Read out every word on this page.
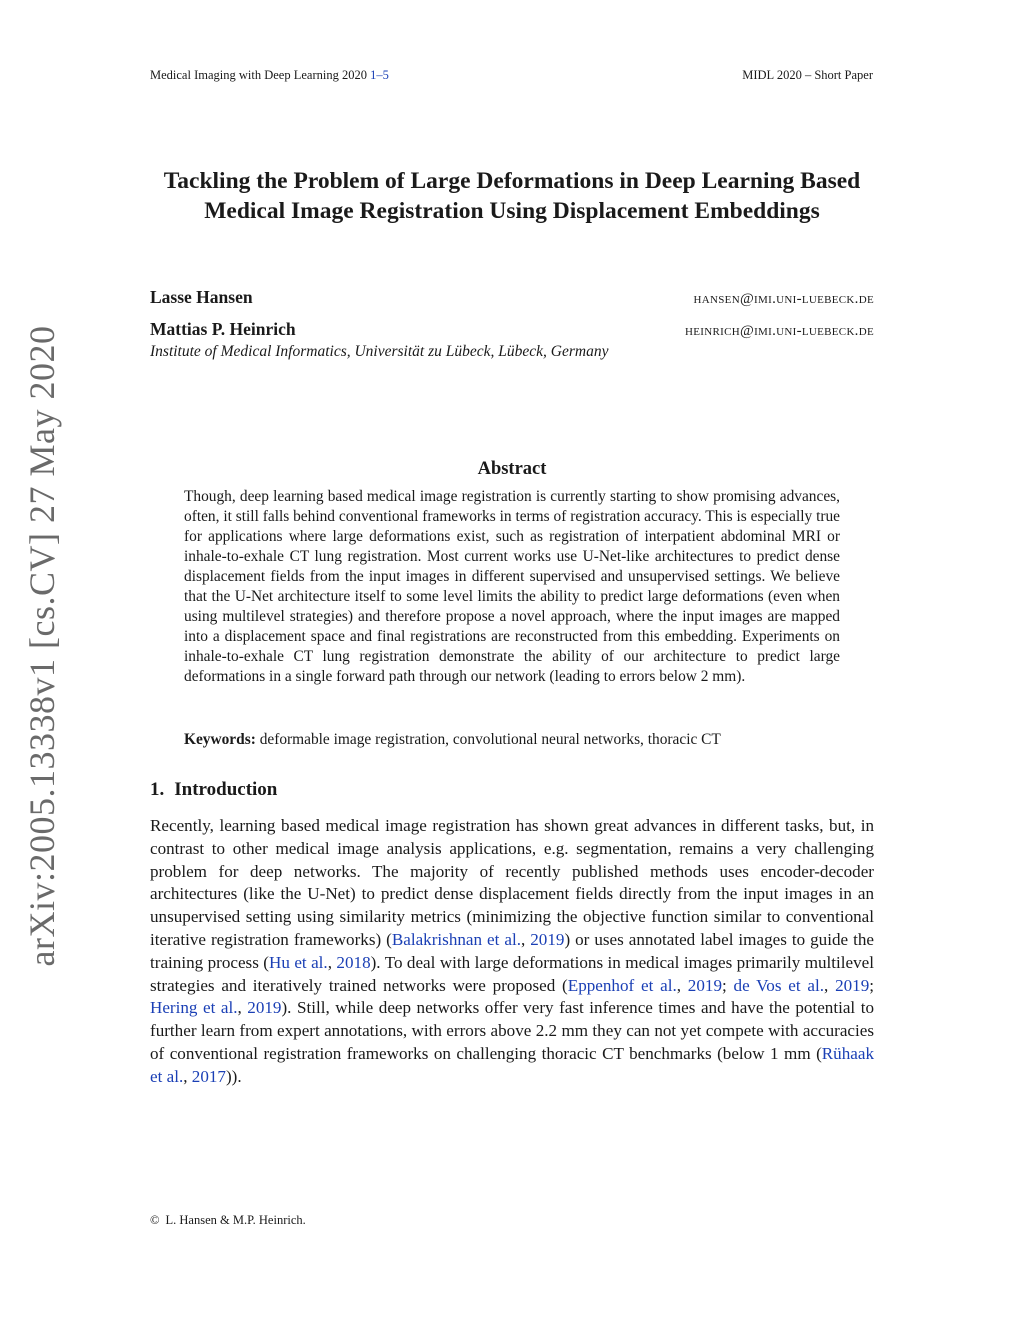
Medical Imaging with Deep Learning 2020 1–5	MIDL 2020 – Short Paper
Tackling the Problem of Large Deformations in Deep Learning Based Medical Image Registration Using Displacement Embeddings
Lasse Hansen	hansen@imi.uni-luebeck.de
Mattias P. Heinrich	heinrich@imi.uni-luebeck.de
Institute of Medical Informatics, Universität zu Lübeck, Lübeck, Germany
arXiv:2005.13338v1 [cs.CV] 27 May 2020	Abstract
Though, deep learning based medical image registration is currently starting to show promising advances, often, it still falls behind conventional frameworks in terms of registration accuracy. This is especially true for applications where large deformations exist, such as registration of interpatient abdominal MRI or inhale-to-exhale CT lung registration. Most current works use U-Net-like architectures to predict dense displacement fields from the input images in different supervised and unsupervised settings. We believe that the U-Net architecture itself to some level limits the ability to predict large deformations (even when using multilevel strategies) and therefore propose a novel approach, where the input images are mapped into a displacement space and final registrations are reconstructed from this embedding. Experiments on inhale-to-exhale CT lung registration demonstrate the ability of our architecture to predict large deformations in a single forward path through our network (leading to errors below 2 mm).
Keywords: deformable image registration, convolutional neural networks, thoracic CT
1. Introduction
Recently, learning based medical image registration has shown great advances in different tasks, but, in contrast to other medical image analysis applications, e.g. segmentation, remains a very challenging problem for deep networks. The majority of recently published methods uses encoder-decoder architectures (like the U-Net) to predict dense displacement fields directly from the input images in an unsupervised setting using similarity metrics (minimizing the objective function similar to conventional iterative registration frameworks) (Balakrishnan et al., 2019) or uses annotated label images to guide the training process (Hu et al., 2018). To deal with large deformations in medical images primarily multilevel strategies and iteratively trained networks were proposed (Eppenhof et al., 2019; de Vos et al., 2019; Hering et al., 2019). Still, while deep networks offer very fast inference times and have the potential to further learn from expert annotations, with errors above 2.2 mm they can not yet compete with accuracies of conventional registration frameworks on challenging thoracic CT benchmarks (below 1 mm (Rühaak et al., 2017)).
© L. Hansen & M.P. Heinrich.
